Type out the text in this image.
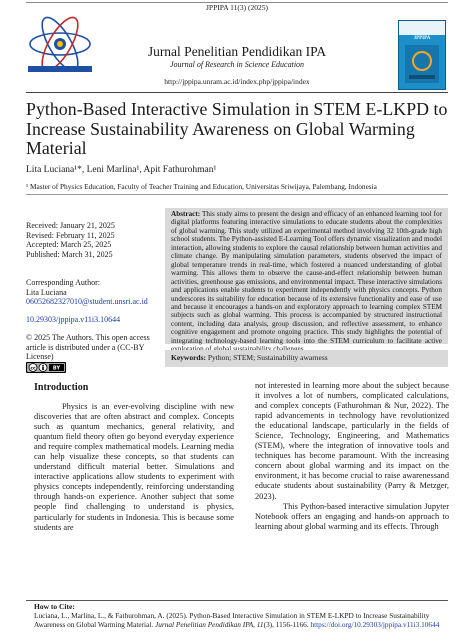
JPPIPA 11(3) (2025)
Jurnal Penelitian Pendidikan IPA
Journal of Research in Science Education
http://jppipa.unram.ac.id/index.php/jppipa/index
JPPIPA
Python-Based Interactive Simulation in STEM E-LKPD to Increase Sustainability Awareness on Global Warming Material
Lita Luciana¹*, Leni Marlina¹, Apit Fathurohman¹
¹ Master of Physics Education, Faculty of Teacher Training and Education, Universitas Sriwijaya, Palembang, Indonesia
Received: January 21, 2025
Revised: February 11, 2025
Accepted: March 25, 2025
Published: March 31, 2025
Corresponding Author:
Lita Luciana
06052682327010@student.unsri.ac.id
10.29303/jppipa.v11i3.10644
© 2025 The Authors. This open access article is distributed under a (CC-BY License)
cc	BY
Abstract: This study aims to present the design and efficacy of an enhanced learning tool for digital platforms featuring interactive simulations to educate students about the complexities of global warming. This study utilized an experimental method involving 32 10th-grade high school students. The Python-assisted E-Learning Tool offers dynamic visualization and model interaction, allowing students to explore the causal relationship between human activities and climate change. By manipulating simulation parameters, students observed the impact of global temperature trends in real-time, which fostered a nuanced understanding of global warming. This allows them to observe the cause-and-effect relationship between human activities, greenhouse gas emissions, and environmental impact. These interactive simulations and applications enable students to experiment independently with physics concepts. Python underscores its suitability for education because of its extensive functionality and ease of use and because it encourages a hands-on and exploratory approach to learning complex STEM subjects such as global warming. This process is accompanied by structured instructional content, including data analysis, group discussion, and reflective assessment, to enhance cognitive engagement and promote ongoing practice. This study highlights the potential of integrating technology-based learning tools into the STEM curriculum to facilitate active
Keywords: Python; STEM; Sustainability awarness
Introduction
Physics is an ever-evolving discipline with new discoveries that are often abstract and complex. Concepts such as quantum mechanics, general relativity, and quantum field theory often go beyond everyday experience and require complex mathematical models. Learning media can help visualize these concepts, so that students can understand difficult material better. Simulations and interactive applications allow students to experiment with physics concepts independently, reinforcing understanding through hands-on experience. Another subject that some people find challenging to understand is physics, particularly for students in Indonesia. This is because some students are

not interested in learning more about the subject because it involves a lot of numbers, complicated calculations, and complex concepts (Fathurohman & Nur, 2022). The rapid advancements in technology have revolutionized the educational landscape, particularly in the fields of Science, Technology, Engineering, and Mathematics (STEM), where the integration of innovative tools and techniques has become paramount. With the increasing concern about global warming and its impact on the environment, it has become crucial to raise awarenessand educate students about sustainability (Parry & Metzger, 2023).

This Python-based interactive simulation Jupyter Notebook offers an engaging and hands-on approach to learning about global warming and its effects. Through

How to Cite:
Luciana, L., Marlina, L., & Fathurohman, A. (2025). Python-Based Interactive Simulation in STEM E-LKPD to Increase Sustainability Awareness on Global Warming Material. Jurnal Penelitian Pendidikan IPA, 11(3), 1156-1166. https://doi.org/10.29303/jppipa.v11i3.10644
